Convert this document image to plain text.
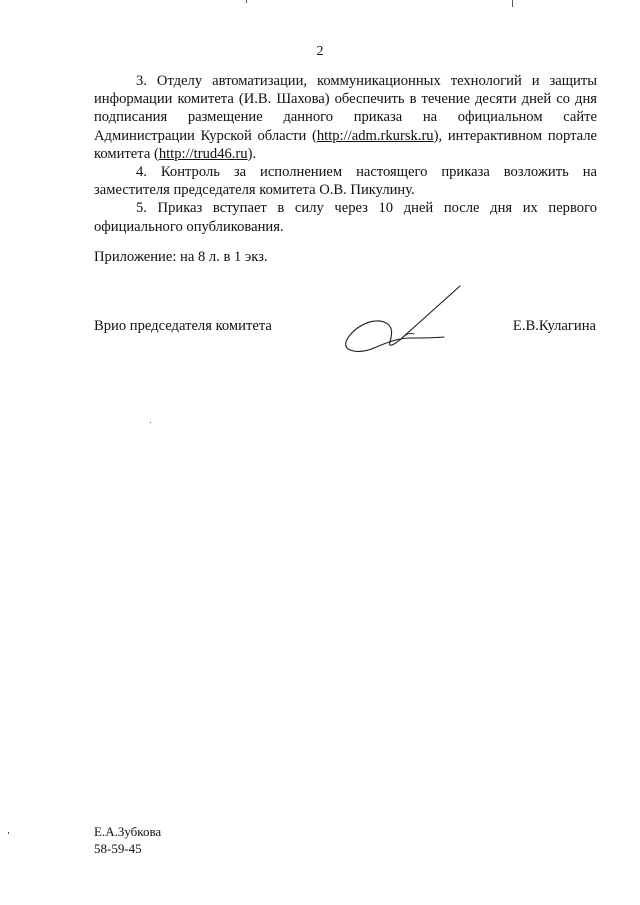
2

3. Отделу автоматизации, коммуникационных технологий и защиты информации комитета (И.В. Шахова) обеспечить в течение десяти дней со дня подписания размещение данного приказа на официальном сайте Администрации Курской области (http://adm.rkursk.ru), интерактивном портале комитета (http://trud46.ru).

4. Контроль за исполнением настоящего приказа возложить на заместителя председателя комитета О.В. Пикулину.

5. Приказ вступает в силу через 10 дней после дня их первого официального опубликования.

Приложение: на 8 л. в 1 экз.
Врио председателя комитета	Е.В.Кулагина
Е.А.Зубкова
58-59-45
